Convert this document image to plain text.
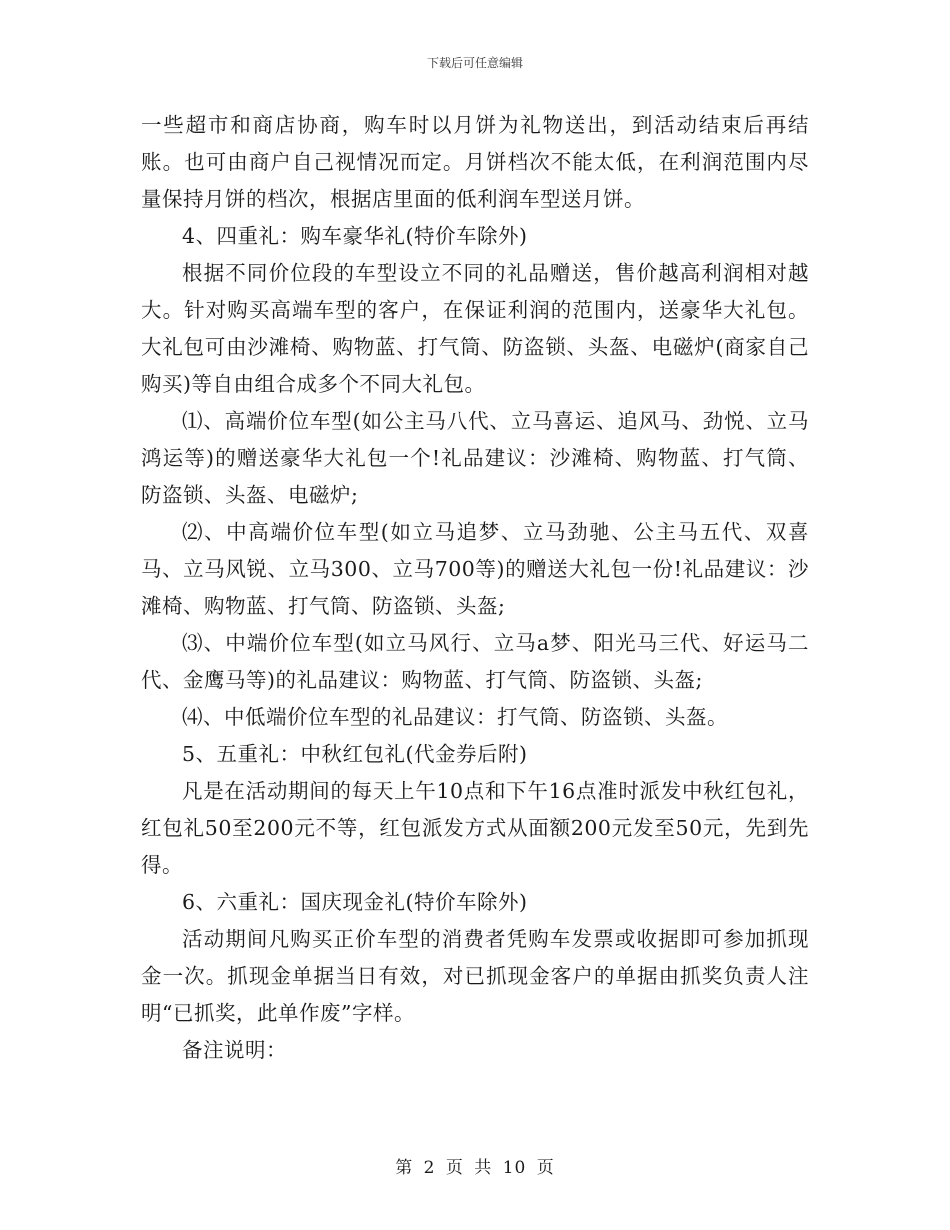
下载后可任意编辑

一些超市和商店协商，购车时以月饼为礼物送出，到活动结束后再结账。也可由商户自己视情况而定。月饼档次不能太低，在利润范围内尽量保持月饼的档次，根据店里面的低利润车型送月饼。

4、四重礼：购车豪华礼(特价车除外)

根据不同价位段的车型设立不同的礼品赠送，售价越高利润相对越大。针对购买高端车型的客户，在保证利润的范围内，送豪华大礼包。大礼包可由沙滩椅、购物蓝、打气筒、防盗锁、头盔、电磁炉(商家自己购买)等自由组合成多个不同大礼包。

⑴、高端价位车型(如公主马八代、立马喜运、追风马、劲悦、立马鸿运等)的赠送豪华大礼包一个!礼品建议：沙滩椅、购物蓝、打气筒、防盗锁、头盔、电磁炉;

⑵、中高端价位车型(如立马追梦、立马劲驰、公主马五代、双喜马、立马风锐、立马300、立马700等)的赠送大礼包一份!礼品建议：沙滩椅、购物蓝、打气筒、防盗锁、头盔;

⑶、中端价位车型(如立马风行、立马a梦、阳光马三代、好运马二代、金鹰马等)的礼品建议：购物蓝、打气筒、防盗锁、头盔;

⑷、中低端价位车型的礼品建议：打气筒、防盗锁、头盔。

5、五重礼：中秋红包礼(代金券后附)

凡是在活动期间的每天上午10点和下午16点准时派发中秋红包礼，红包礼50至200元不等，红包派发方式从面额200元发至50元，先到先得。

6、六重礼：国庆现金礼(特价车除外)

活动期间凡购买正价车型的消费者凭购车发票或收据即可参加抓现金一次。抓现金单据当日有效，对已抓现金客户的单据由抓奖负责人注明“已抓奖，此单作废”字样。

备注说明：

第 2 页 共 10 页
